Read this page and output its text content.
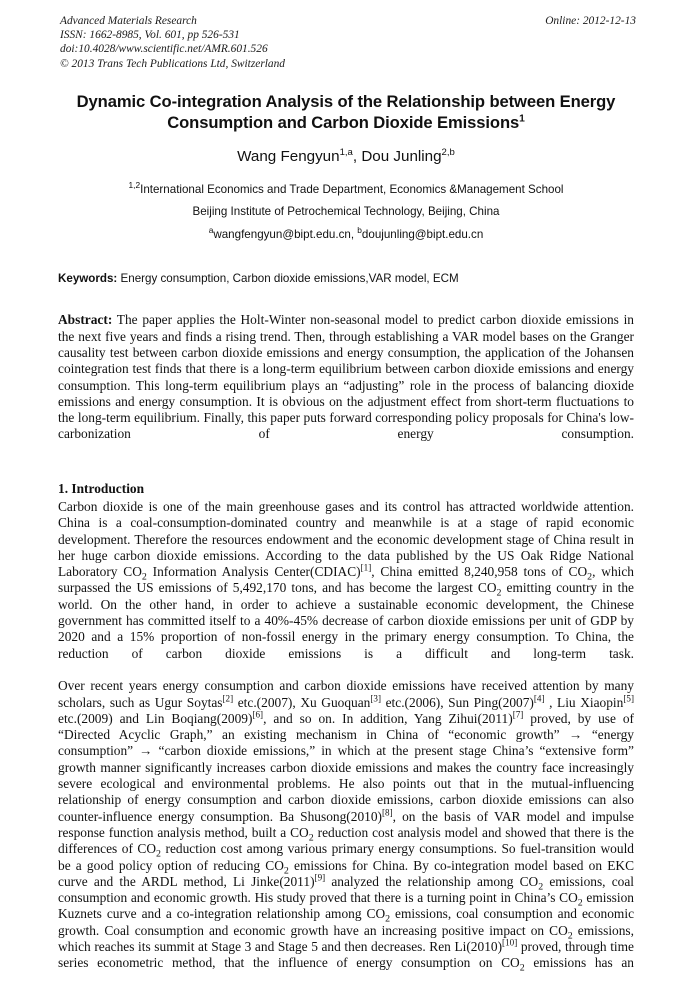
Online: 2012-12-13
Advanced Materials Research
ISSN: 1662-8985, Vol. 601, pp 526-531
doi:10.4028/www.scientific.net/AMR.601.526
© 2013 Trans Tech Publications Ltd, Switzerland
Dynamic Co-integration Analysis of the Relationship between Energy Consumption and Carbon Dioxide Emissions$^1$
Wang Fengyun$^{1,a}$, Dou Junling$^{2,b}$
$^{1,2}$International Economics and Trade Department, Economics &Management School
Beijing Institute of Petrochemical Technology, Beijing, China
$^a$wangfengyun@bipt.edu.cn, $^b$doujunling@bipt.edu.cn
Keywords: Energy consumption, Carbon dioxide emissions,VAR model, ECM
Abstract: The paper applies the Holt-Winter non-seasonal model to predict carbon dioxide emissions in the next five years and finds a rising trend. Then, through establishing a VAR model bases on the Granger causality test between carbon dioxide emissions and energy consumption, the application of the Johansen cointegration test finds that there is a long-term equilibrium between carbon dioxide emissions and energy consumption. This long-term equilibrium plays an “adjusting” role in the process of balancing dioxide emissions and energy consumption. It is obvious on the adjustment effect from short-term fluctuations to the long-term equilibrium. Finally, this paper puts forward corresponding policy proposals for China's low-carbonization of energy consumption.
1. Introduction

Carbon dioxide is one of the main greenhouse gases and its control has attracted worldwide attention. China is a coal-consumption-dominated country and meanwhile is at a stage of rapid economic development. Therefore the resources endowment and the economic development stage of China result in her huge carbon dioxide emissions. According to the data published by the US Oak Ridge National Laboratory $CO_2$ Information Analysis Center(CDIAC)[1], China emitted 8,240,958 tons of $CO_2$, which surpassed the US emissions of 5,492,170 tons, and has become the largest $CO_2$ emitting country in the world. On the other hand, in order to achieve a sustainable economic development, the Chinese government has committed itself to a 40%-45% decrease of carbon dioxide emissions per unit of GDP by 2020 and a 15% proportion of non-fossil energy in the primary energy consumption. To China, the reduction of carbon dioxide emissions is a difficult and long-term task.

Over recent years energy consumption and carbon dioxide emissions have received attention by many scholars, such as Ugur Soytas[2] etc.(2007), Xu Guoquan[3] etc.(2006), Sun Ping(2007)[4] , Liu Xiaopin[5] etc.(2009) and Lin Boqiang(2009)[6], and so on. In addition, Yang Zihui(2011)[7] proved, by use of “Directed Acyclic Graph,” an existing mechanism in China of “economic growth” → “energy consumption” → “carbon dioxide emissions,” in which at the present stage China’s “extensive form” growth manner significantly increases carbon dioxide emissions and makes the country face increasingly severe ecological and environmental problems. He also points out that in the mutual-influencing relationship of energy consumption and carbon dioxide emissions, carbon dioxide emissions can also counter-influence energy consumption. Ba Shusong(2010)[8], on the basis of VAR model and impulse response function analysis method, built a $CO_2$ reduction cost analysis model and showed that there is the differences of $CO_2$ reduction cost among various primary energy consumptions. So fuel-transition would be a good policy option of reducing $CO_2$ emissions for China. By co-integration model based on EKC curve and the ARDL method, Li Jinke(2011)[9] analyzed the relationship among $CO_2$ emissions, coal consumption and economic growth. His study proved that there is a turning point in China’s $CO_2$ emission Kuznets curve and a co-integration relationship among $CO_2$ emissions, coal consumption and economic growth. Coal consumption and economic growth have an increasing positive impact on $CO_2$ emissions, which reaches its summit at Stage 3 and Stage 5 and then decreases. Ren Li(2010)[10] proved, through time series econometric method, that the influence of energy consumption on $CO_2$ emissions has an
